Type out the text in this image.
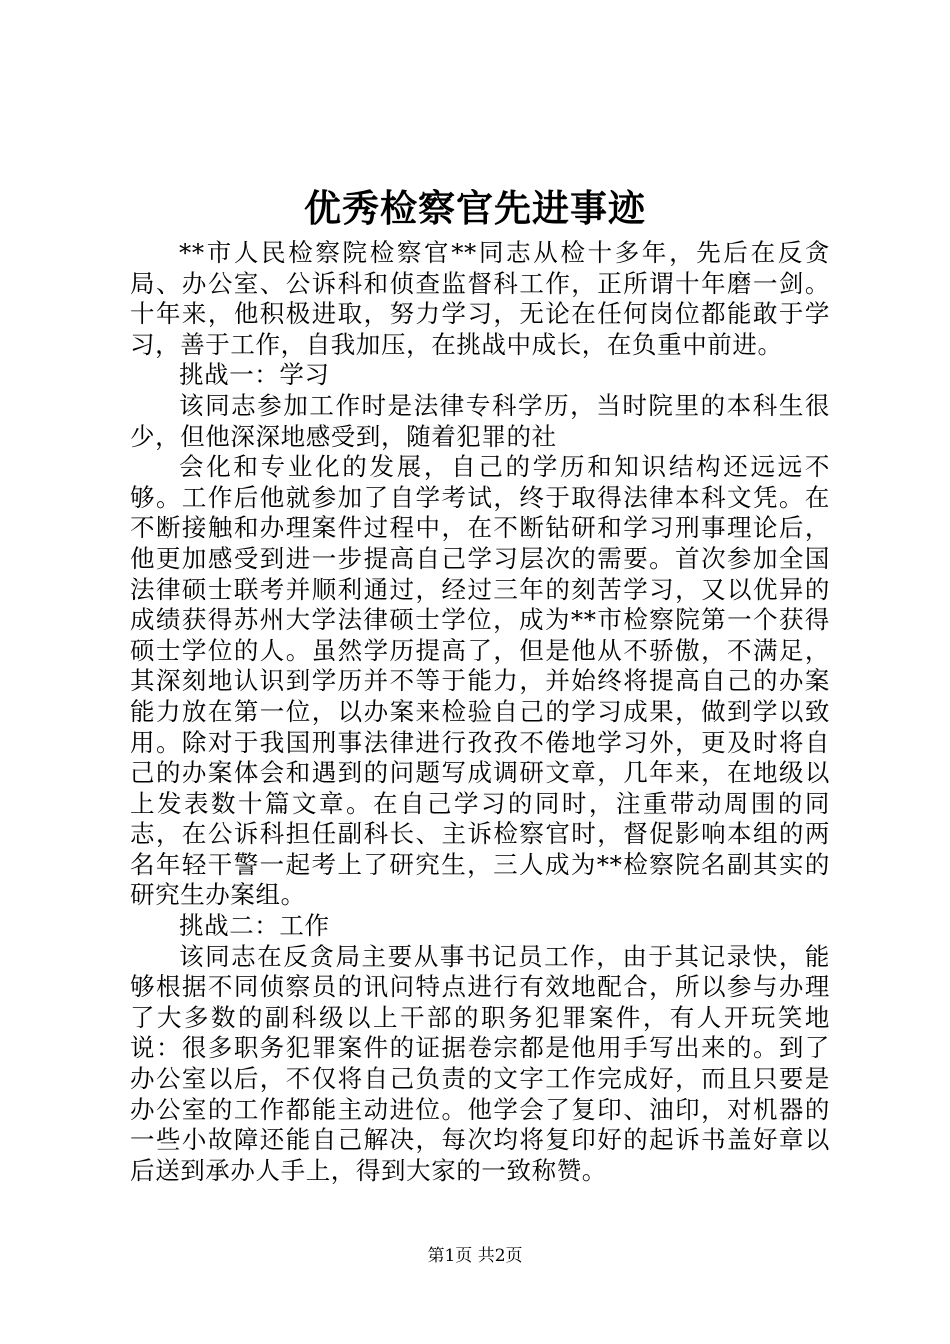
优秀检察官先进事迹

**市人民检察院检察官**同志从检十多年，先后在反贪局、办公室、公诉科和侦查监督科工作，正所谓十年磨一剑。十年来，他积极进取，努力学习，无论在任何岗位都能敢于学习，善于工作，自我加压，在挑战中成长，在负重中前进。

挑战一：学习

该同志参加工作时是法律专科学历，当时院里的本科生很少，但他深深地感受到，随着犯罪的社

会化和专业化的发展，自己的学历和知识结构还远远不够。工作后他就参加了自学考试，终于取得法律本科文凭。在不断接触和办理案件过程中，在不断钻研和学习刑事理论后，他更加感受到进一步提高自己学习层次的需要。首次参加全国法律硕士联考并顺利通过，经过三年的刻苦学习，又以优异的成绩获得苏州大学法律硕士学位，成为**市检察院第一个获得硕士学位的人。虽然学历提高了，但是他从不骄傲，不满足，其深刻地认识到学历并不等于能力，并始终将提高自己的办案能力放在第一位，以办案来检验自己的学习成果，做到学以致用。除对于我国刑事法律进行孜孜不倦地学习外，更及时将自己的办案体会和遇到的问题写成调研文章，几年来，在地级以上发表数十篇文章。在自己学习的同时，注重带动周围的同志，在公诉科担任副科长、主诉检察官时，督促影响本组的两名年轻干警一起考上了研究生，三人成为**检察院名副其实的研究生办案组。

挑战二：工作

该同志在反贪局主要从事书记员工作，由于其记录快，能够根据不同侦察员的讯问特点进行有效地配合，所以参与办理了大多数的副科级以上干部的职务犯罪案件，有人开玩笑地说：很多职务犯罪案件的证据卷宗都是他用手写出来的。到了办公室以后，不仅将自己负责的文字工作完成好，而且只要是办公室的工作都能主动进位。他学会了复印、油印，对机器的一些小故障还能自己解决，每次均将复印好的起诉书盖好章以后送到承办人手上，得到大家的一致称赞。

第1页 共2页
